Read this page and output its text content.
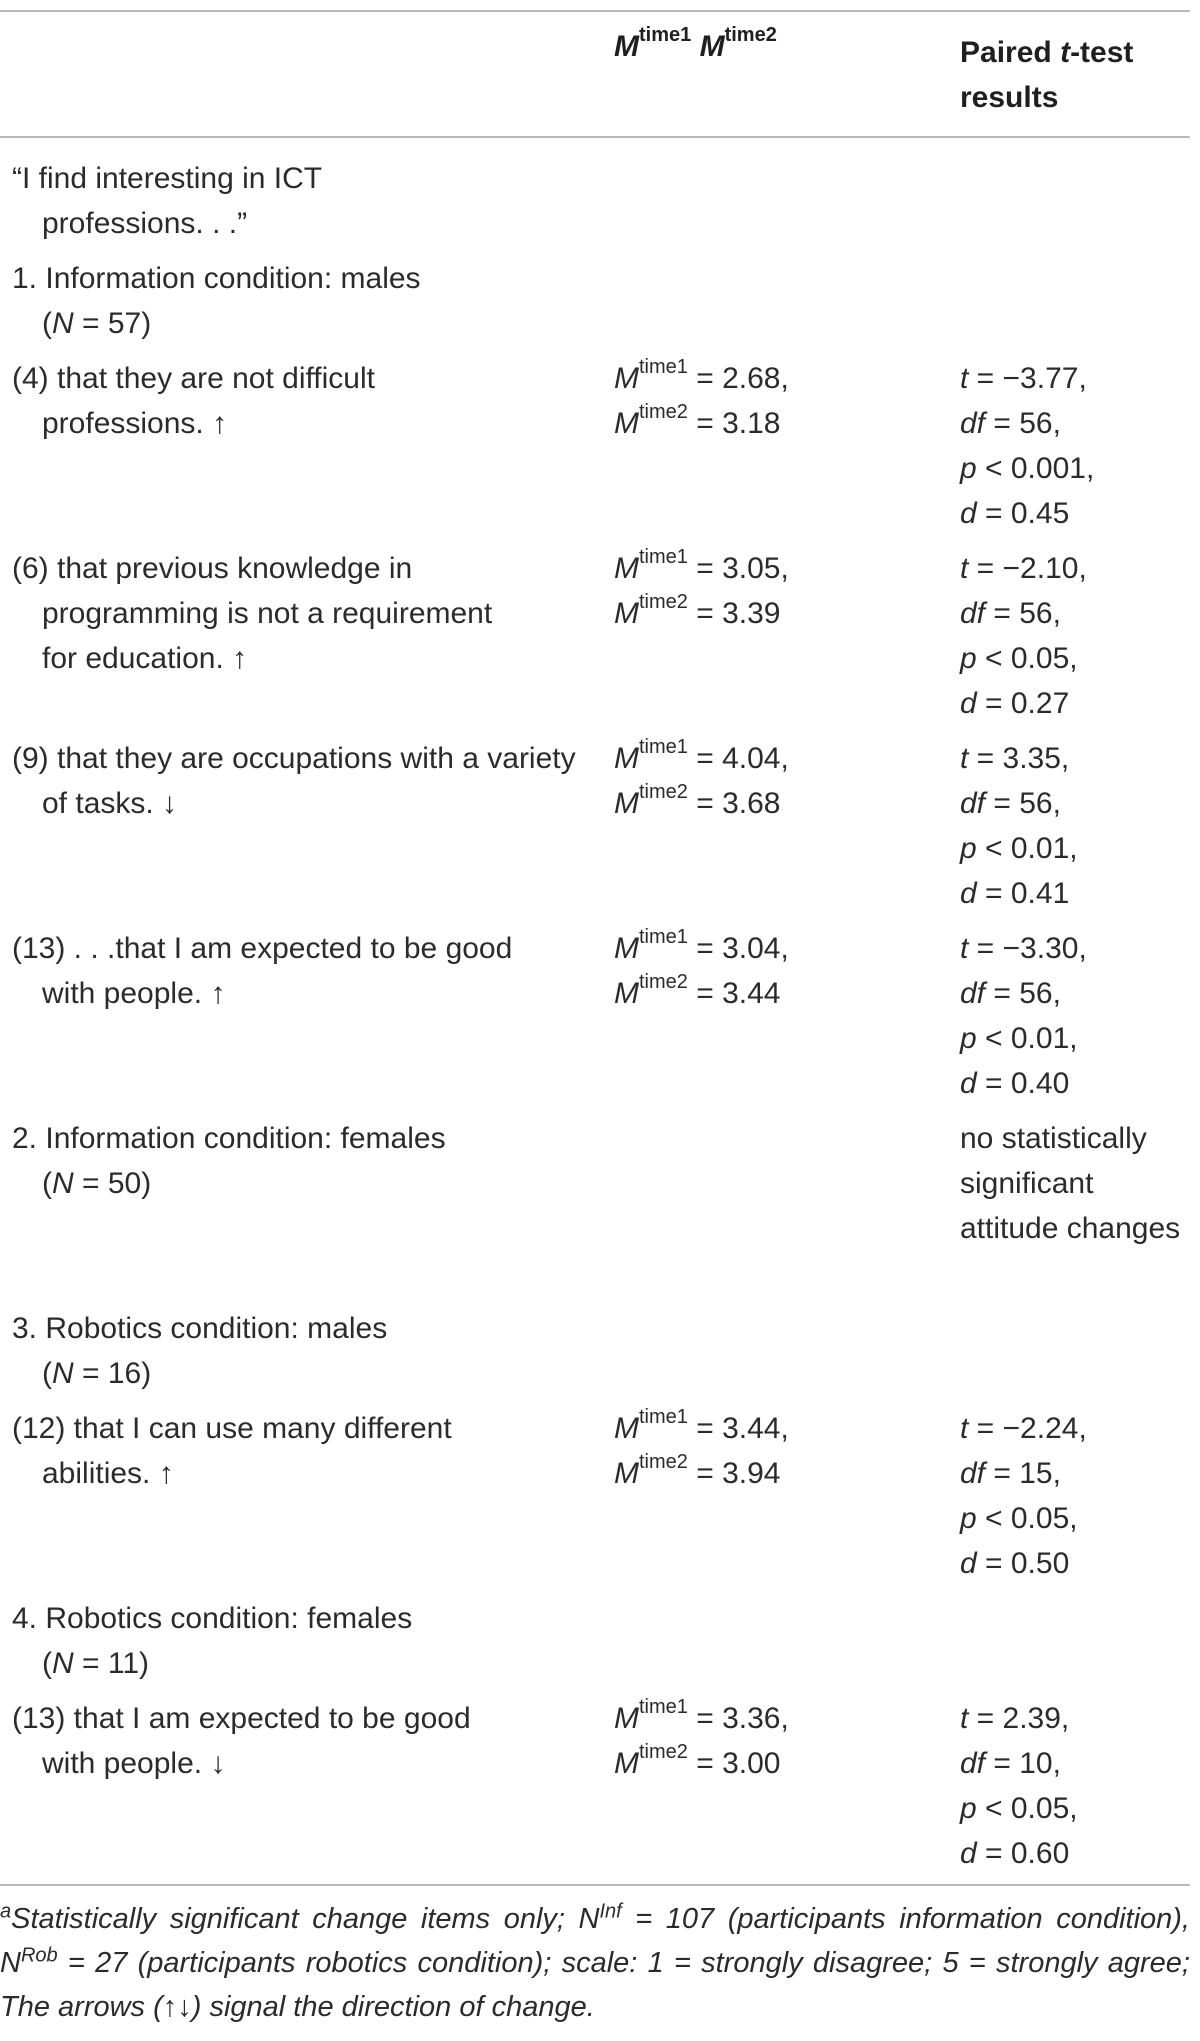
$M^{time1}$ $M^{time2}$
Paired t-test
results
“I find interesting in ICT professions. . .”
1. Information condition: males
(N = 57)
(4) that they are not difficult professions. ↑
$M^{time1} = 2.68$,
$M^{time2} = 3.18$
t = −3.77,
df = 56,
p < 0.001,
d = 0.45
(6) that previous knowledge in programming is not a requirement for education. ↑
$M^{time1} = 3.05$,
$M^{time2} = 3.39$
t = −2.10,
df = 56,
p < 0.05,
d = 0.27
(9) that they are occupations with a variety of tasks. ↓
$M^{time1} = 4.04$,
$M^{time2} = 3.68$
t = 3.35,
df = 56,
p < 0.01,
d = 0.41
(13) . . .that I am expected to be good with people. ↑
$M^{time1} = 3.04$,
$M^{time2} = 3.44$
t = −3.30,
df = 56,
p < 0.01,
d = 0.40
2. Information condition: females
(N = 50)
no statistically significant attitude changes
3. Robotics condition: males
(N = 16)
(12) that I can use many different abilities. ↑
$M^{time1} = 3.44$,
$M^{time2} = 3.94$
t = −2.24,
df = 15,
p < 0.05,
d = 0.50
4. Robotics condition: females
(N = 11)
(13) that I am expected to be good with people. ↓
$M^{time1} = 3.36$,
$M^{time2} = 3.00$
t = 2.39,
df = 10,
p < 0.05,
d = 0.60
$^a$Statistically significant change items only; $N^{Inf} = 107$ (participants information condition), $N^{Rob} = 27$ (participants robotics condition); scale: 1 = strongly disagree; 5 = strongly agree; The arrows (↑↓) signal the direction of change.
